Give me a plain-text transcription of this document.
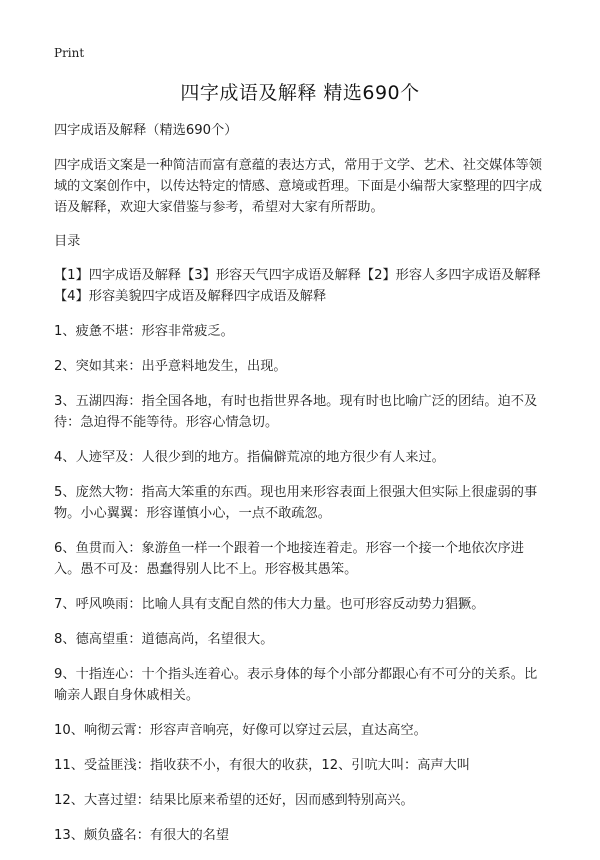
Print
四字成语及解释 精选690个

四字成语及解释（精选690个）

四字成语文案是一种简洁而富有意蕴的表达方式，常用于文学、艺术、社交媒体等领域的文案创作中，以传达特定的情感、意境或哲理。下面是小编帮大家整理的四字成语及解释，欢迎大家借鉴与参考，希望对大家有所帮助。

目录

【1】四字成语及解释【3】形容天气四字成语及解释【2】形容人多四字成语及解释【4】形容美貌四字成语及解释四字成语及解释

1、疲惫不堪：形容非常疲乏。

2、突如其来：出乎意料地发生，出现。

3、五湖四海：指全国各地，有时也指世界各地。现有时也比喻广泛的团结。迫不及待：急迫得不能等待。形容心情急切。

4、人迹罕及：人很少到的地方。指偏僻荒凉的地方很少有人来过。

5、庞然大物：指高大笨重的东西。现也用来形容表面上很强大但实际上很虚弱的事物。小心翼翼：形容谨慎小心，一点不敢疏忽。

6、鱼贯而入：象游鱼一样一个跟着一个地接连着走。形容一个接一个地依次序进入。愚不可及：愚蠢得别人比不上。形容极其愚笨。

7、呼风唤雨：比喻人具有支配自然的伟大力量。也可形容反动势力猖獗。

8、德高望重：道德高尚，名望很大。

9、十指连心：十个指头连着心。表示身体的每个小部分都跟心有不可分的关系。比喻亲人跟自身休戚相关。

10、响彻云霄：形容声音响亮，好像可以穿过云层，直达高空。

11、受益匪浅：指收获不小，有很大的收获，12、引吭大叫：高声大叫

12、大喜过望：结果比原来希望的还好，因而感到特别高兴。

13、颇负盛名：有很大的名望
